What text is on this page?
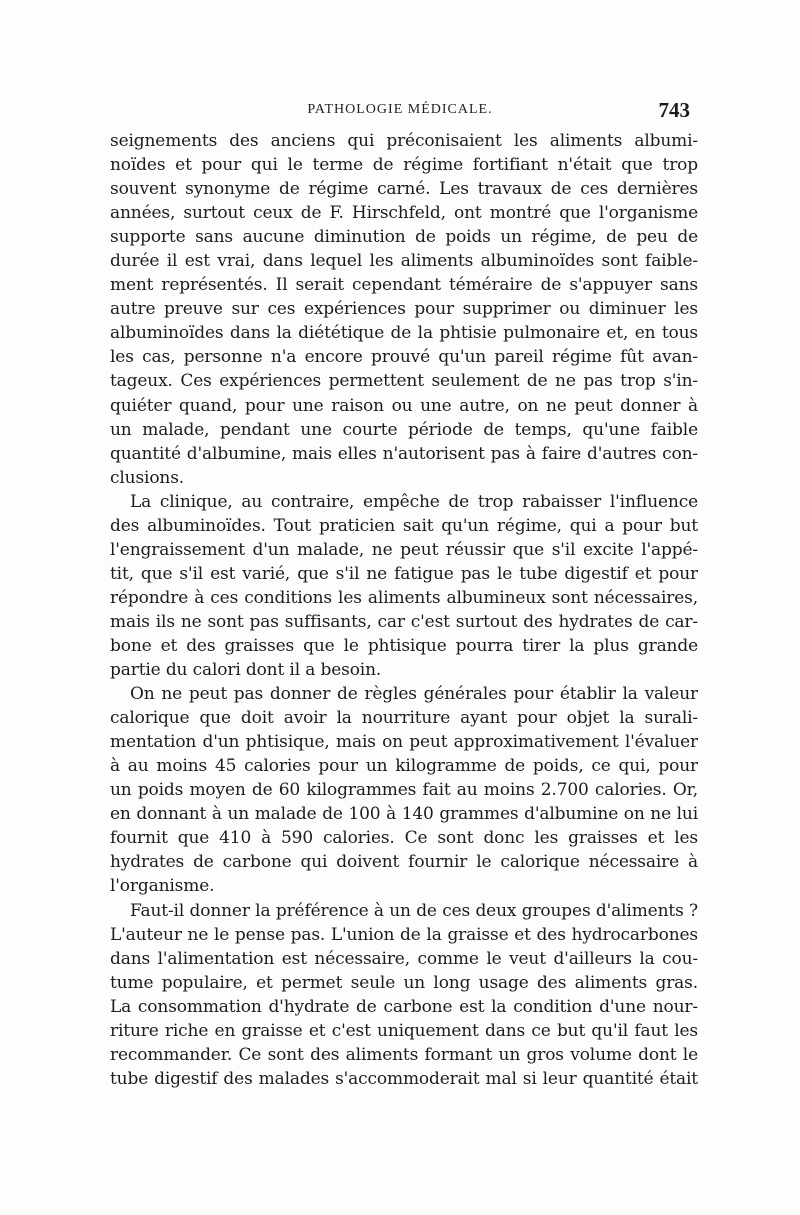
PATHOLOGIE MÉDICALE.	743
seignements des anciens qui préconisaient les aliments albumi-
noïdes et pour qui le terme de régime fortifiant n'était que trop
souvent synonyme de régime carné. Les travaux de ces dernières
années, surtout ceux de F. Hirschfeld, ont montré que l'organisme
supporte sans aucune diminution de poids un régime, de peu de
durée il est vrai, dans lequel les aliments albuminoïdes sont faible-
ment représentés. Il serait cependant téméraire de s'appuyer sans
autre preuve sur ces expériences pour supprimer ou diminuer les
albuminoïdes dans la diététique de la phtisie pulmonaire et, en tous
les cas, personne n'a encore prouvé qu'un pareil régime fût avan-
tageux. Ces expériences permettent seulement de ne pas trop s'in-
quiéter quand, pour une raison ou une autre, on ne peut donner à
un malade, pendant une courte période de temps, qu'une faible
quantité d'albumine, mais elles n'autorisent pas à faire d'autres con-
clusions.
La clinique, au contraire, empêche de trop rabaisser l'influence
des albuminoïdes. Tout praticien sait qu'un régime, qui a pour but
l'engraissement d'un malade, ne peut réussir que s'il excite l'appé-
tit, que s'il est varié, que s'il ne fatigue pas le tube digestif et pour
répondre à ces conditions les aliments albumineux sont nécessaires,
mais ils ne sont pas suffisants, car c'est surtout des hydrates de car-
bone et des graisses que le phtisique pourra tirer la plus grande
partie du calori dont il a besoin.
On ne peut pas donner de règles générales pour établir la valeur
calorique que doit avoir la nourriture ayant pour objet la surali-
mentation d'un phtisique, mais on peut approximativement l'évaluer
à au moins 45 calories pour un kilogramme de poids, ce qui, pour
un poids moyen de 60 kilogrammes fait au moins 2.700 calories. Or,
en donnant à un malade de 100 à 140 grammes d'albumine on ne lui
fournit que 410 à 590 calories. Ce sont donc les graisses et les
hydrates de carbone qui doivent fournir le calorique nécessaire à
l'organisme.
Faut-il donner la préférence à un de ces deux groupes d'aliments ?
L'auteur ne le pense pas. L'union de la graisse et des hydrocarbones
dans l'alimentation est nécessaire, comme le veut d'ailleurs la cou-
tume populaire, et permet seule un long usage des aliments gras.
La consommation d'hydrate de carbone est la condition d'une nour-
riture riche en graisse et c'est uniquement dans ce but qu'il faut les
recommander. Ce sont des aliments formant un gros volume dont le
tube digestif des malades s'accommoderait mal si leur quantité était
